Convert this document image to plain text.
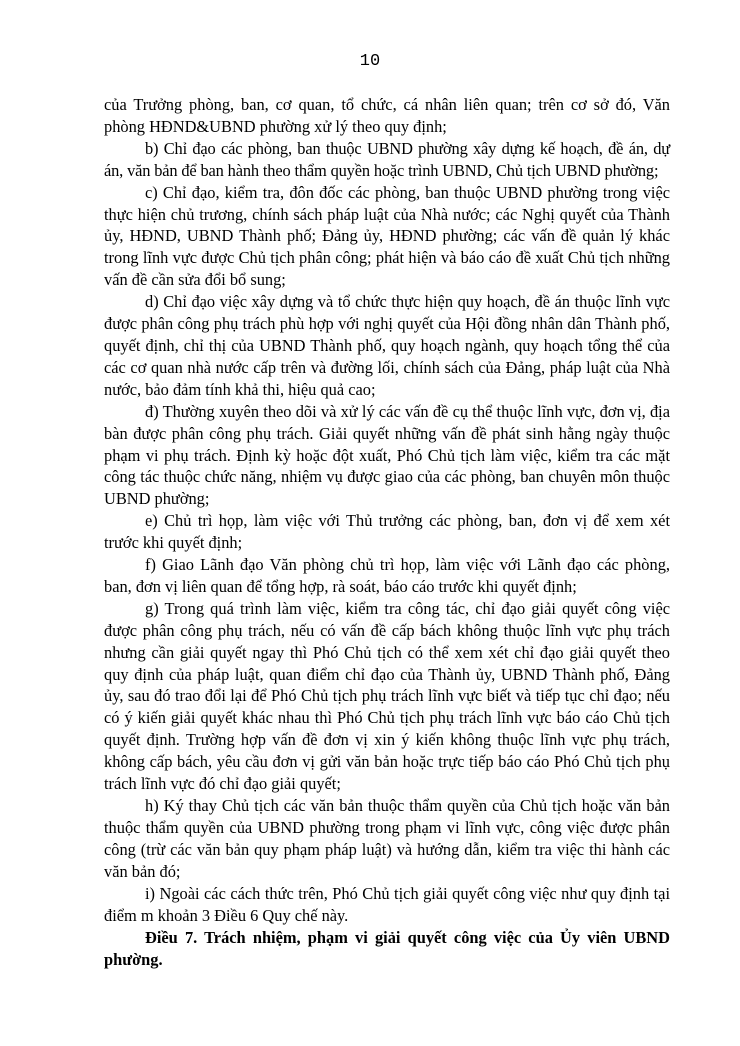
10

của Trưởng phòng, ban, cơ quan, tổ chức, cá nhân liên quan; trên cơ sở đó, Văn phòng HĐND&UBND phường xử lý theo quy định;

b) Chỉ đạo các phòng, ban thuộc UBND phường xây dựng kế hoạch, đề án, dự án, văn bản để ban hành theo thẩm quyền hoặc trình UBND, Chủ tịch UBND phường;

c) Chỉ đạo, kiểm tra, đôn đốc các phòng, ban thuộc UBND phường trong việc thực hiện chủ trương, chính sách pháp luật của Nhà nước; các Nghị quyết của Thành ủy, HĐND, UBND Thành phố; Đảng ủy, HĐND phường; các vấn đề quản lý khác trong lĩnh vực được Chủ tịch phân công; phát hiện và báo cáo đề xuất Chủ tịch những vấn đề cần sửa đổi bổ sung;

d) Chỉ đạo việc xây dựng và tổ chức thực hiện quy hoạch, đề án thuộc lĩnh vực được phân công phụ trách phù hợp với nghị quyết của Hội đồng nhân dân Thành phố, quyết định, chỉ thị của UBND Thành phố, quy hoạch ngành, quy hoạch tổng thể của các cơ quan nhà nước cấp trên và đường lối, chính sách của Đảng, pháp luật của Nhà nước, bảo đảm tính khả thi, hiệu quả cao;

đ) Thường xuyên theo dõi và xử lý các vấn đề cụ thể thuộc lĩnh vực, đơn vị, địa bàn được phân công phụ trách. Giải quyết những vấn đề phát sinh hằng ngày thuộc phạm vi phụ trách. Định kỳ hoặc đột xuất, Phó Chủ tịch làm việc, kiểm tra các mặt công tác thuộc chức năng, nhiệm vụ được giao của các phòng, ban chuyên môn thuộc UBND phường;

e) Chủ trì họp, làm việc với Thủ trưởng các phòng, ban, đơn vị để xem xét trước khi quyết định;

f) Giao Lãnh đạo Văn phòng chủ trì họp, làm việc với Lãnh đạo các phòng, ban, đơn vị liên quan để tổng hợp, rà soát, báo cáo trước khi quyết định;

g) Trong quá trình làm việc, kiểm tra công tác, chỉ đạo giải quyết công việc được phân công phụ trách, nếu có vấn đề cấp bách không thuộc lĩnh vực phụ trách nhưng cần giải quyết ngay thì Phó Chủ tịch có thể xem xét chỉ đạo giải quyết theo quy định của pháp luật, quan điểm chỉ đạo của Thành ủy, UBND Thành phố, Đảng ủy, sau đó trao đổi lại để Phó Chủ tịch phụ trách lĩnh vực biết và tiếp tục chỉ đạo; nếu có ý kiến giải quyết khác nhau thì Phó Chủ tịch phụ trách lĩnh vực báo cáo Chủ tịch quyết định. Trường hợp vấn đề đơn vị xin ý kiến không thuộc lĩnh vực phụ trách, không cấp bách, yêu cầu đơn vị gửi văn bản hoặc trực tiếp báo cáo Phó Chủ tịch phụ trách lĩnh vực đó chỉ đạo giải quyết;

h) Ký thay Chủ tịch các văn bản thuộc thẩm quyền của Chủ tịch hoặc văn bản thuộc thẩm quyền của UBND phường trong phạm vi lĩnh vực, công việc được phân công (trừ các văn bản quy phạm pháp luật) và hướng dẫn, kiểm tra việc thi hành các văn bản đó;

i) Ngoài các cách thức trên, Phó Chủ tịch giải quyết công việc như quy định tại điểm m khoản 3 Điều 6 Quy chế này.

Điều 7. Trách nhiệm, phạm vi giải quyết công việc của Ủy viên UBND phường.
